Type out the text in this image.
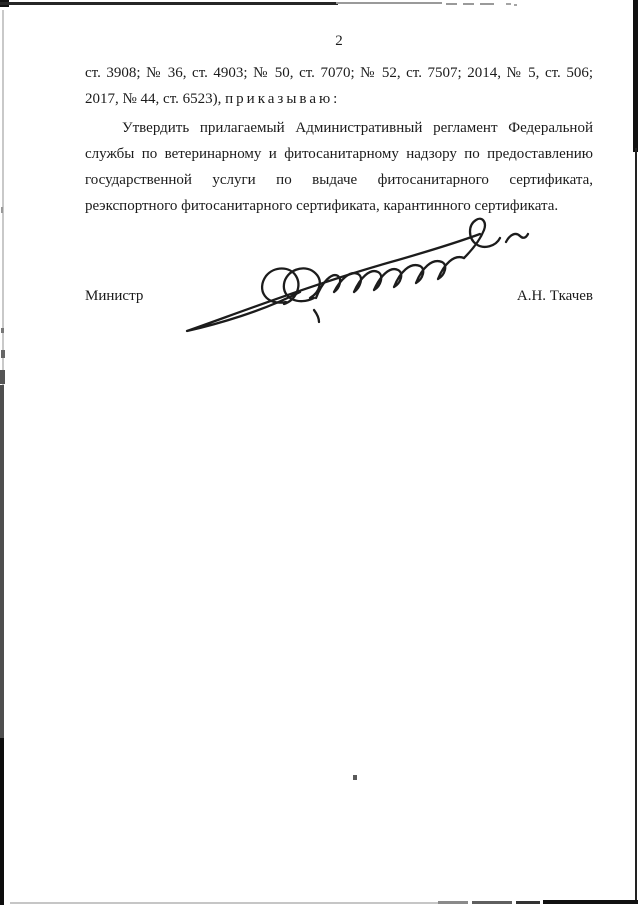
2
ст. 3908; № 36, ст. 4903; № 50, ст. 7070; № 52, ст. 7507; 2014, № 5, ст. 506;
2017, № 44, ст. 6523), приказываю:
Утвердить прилагаемый Административный регламент Федеральной
службы по ветеринарному и фитосанитарному надзору по предоставлению
государственной услуги по выдаче фитосанитарного сертификата,
реэкспортного фитосанитарного сертификата, карантинного сертификата.
Министр	А.Н. Ткачев
